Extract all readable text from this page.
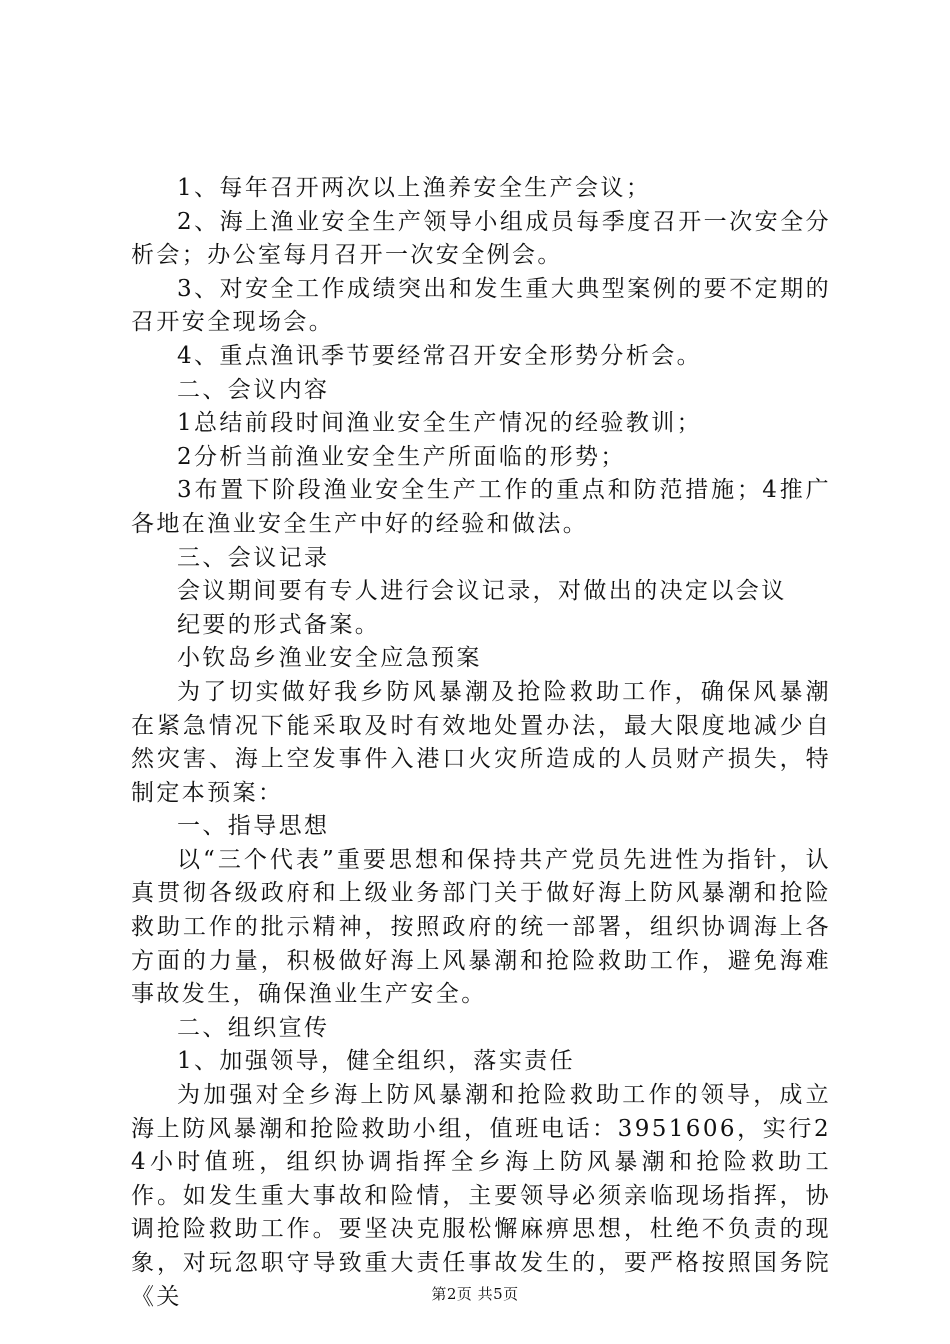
1、每年召开两次以上渔养安全生产会议；

2、海上渔业安全生产领导小组成员每季度召开一次安全分析会；办公室每月召开一次安全例会。

3、对安全工作成绩突出和发生重大典型案例的要不定期的召开安全现场会。

4、重点渔讯季节要经常召开安全形势分析会。

二、会议内容

1总结前段时间渔业安全生产情况的经验教训；

2分析当前渔业安全生产所面临的形势；

3布置下阶段渔业安全生产工作的重点和防范措施；4推广各地在渔业安全生产中好的经验和做法。

三、会议记录

会议期间要有专人进行会议记录，对做出的决定以会议

纪要的形式备案。

小钦岛乡渔业安全应急预案

为了切实做好我乡防风暴潮及抢险救助工作，确保风暴潮在紧急情况下能采取及时有效地处置办法，最大限度地减少自然灾害、海上空发事件入港口火灾所造成的人员财产损失，特制定本预案：

一、指导思想

以“三个代表”重要思想和保持共产党员先进性为指针，认真贯彻各级政府和上级业务部门关于做好海上防风暴潮和抢险救助工作的批示精神，按照政府的统一部署，组织协调海上各方面的力量，积极做好海上风暴潮和抢险救助工作，避免海难事故发生，确保渔业生产安全。

二、组织宣传

1、加强领导，健全组织，落实责任

为加强对全乡海上防风暴潮和抢险救助工作的领导，成立海上防风暴潮和抢险救助小组，值班电话：3951606，实行24小时值班，组织协调指挥全乡海上防风暴潮和抢险救助工作。如发生重大事故和险情，主要领导必须亲临现场指挥，协调抢险救助工作。要坚决克服松懈麻痹思想，杜绝不负责的现象，对玩忽职守导致重大责任事故发生的，要严格按照国务院《关	第2页 共5页
